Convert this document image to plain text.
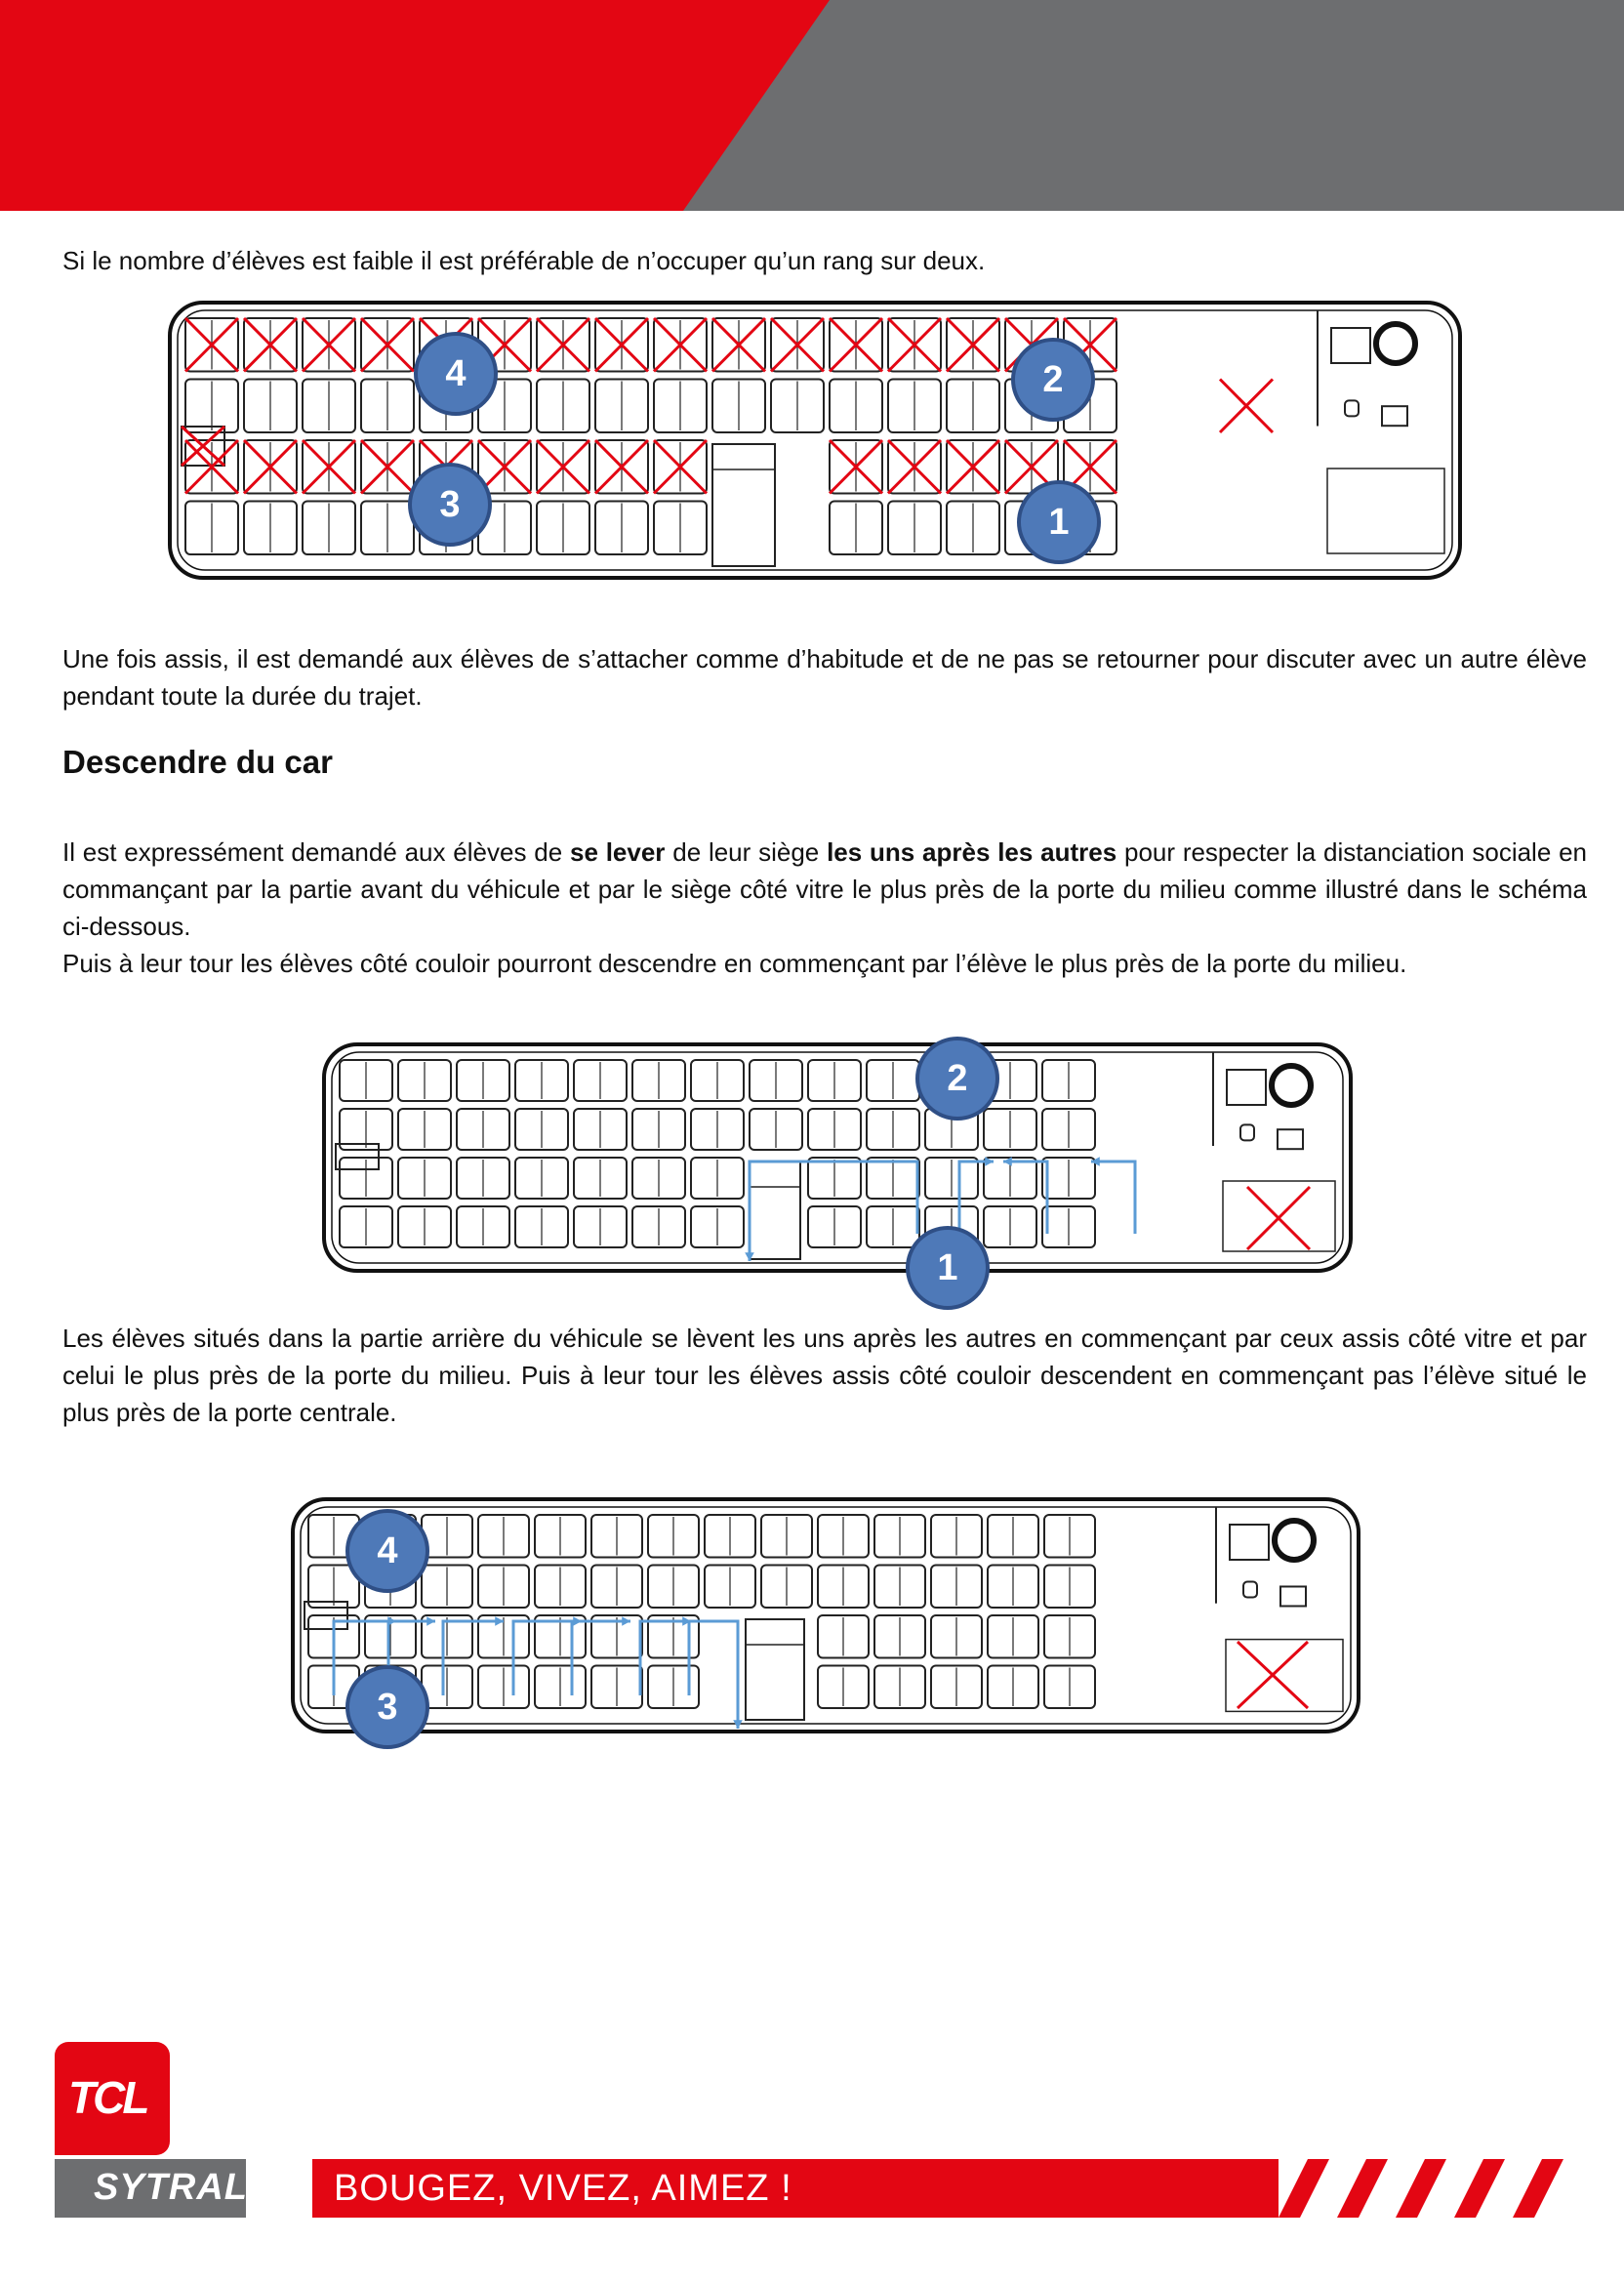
Si le nombre d’élèves est faible il est préférable de n’occuper qu’un rang sur deux.
4	2
3	1
Une fois assis, il est demandé aux élèves de s’attacher comme d’habitude et de ne pas se retourner pour discuter avec un autre élève pendant toute la durée du trajet.
Descendre du car
Il est expressément demandé aux élèves de se lever de leur siège les uns après les autres pour respecter la distanciation sociale en commançant par la partie avant du véhicule et par le siège côté vitre le plus près de la porte du milieu comme illustré dans le schéma ci-dessous.
Puis à leur tour les élèves côté couloir pourront descendre en commençant par l’élève le plus près de la porte du milieu.
2
1
Les élèves situés dans la partie arrière du véhicule se lèvent les uns après les autres en commençant par ceux assis côté vitre et par celui le plus près de la porte du milieu. Puis à leur tour les élèves assis côté couloir descendent en commençant pas l’élève situé le plus près de la porte centrale.
4
3
TCL
SYTRAL BOUGEZ, VIVEZ, AIMEZ !
